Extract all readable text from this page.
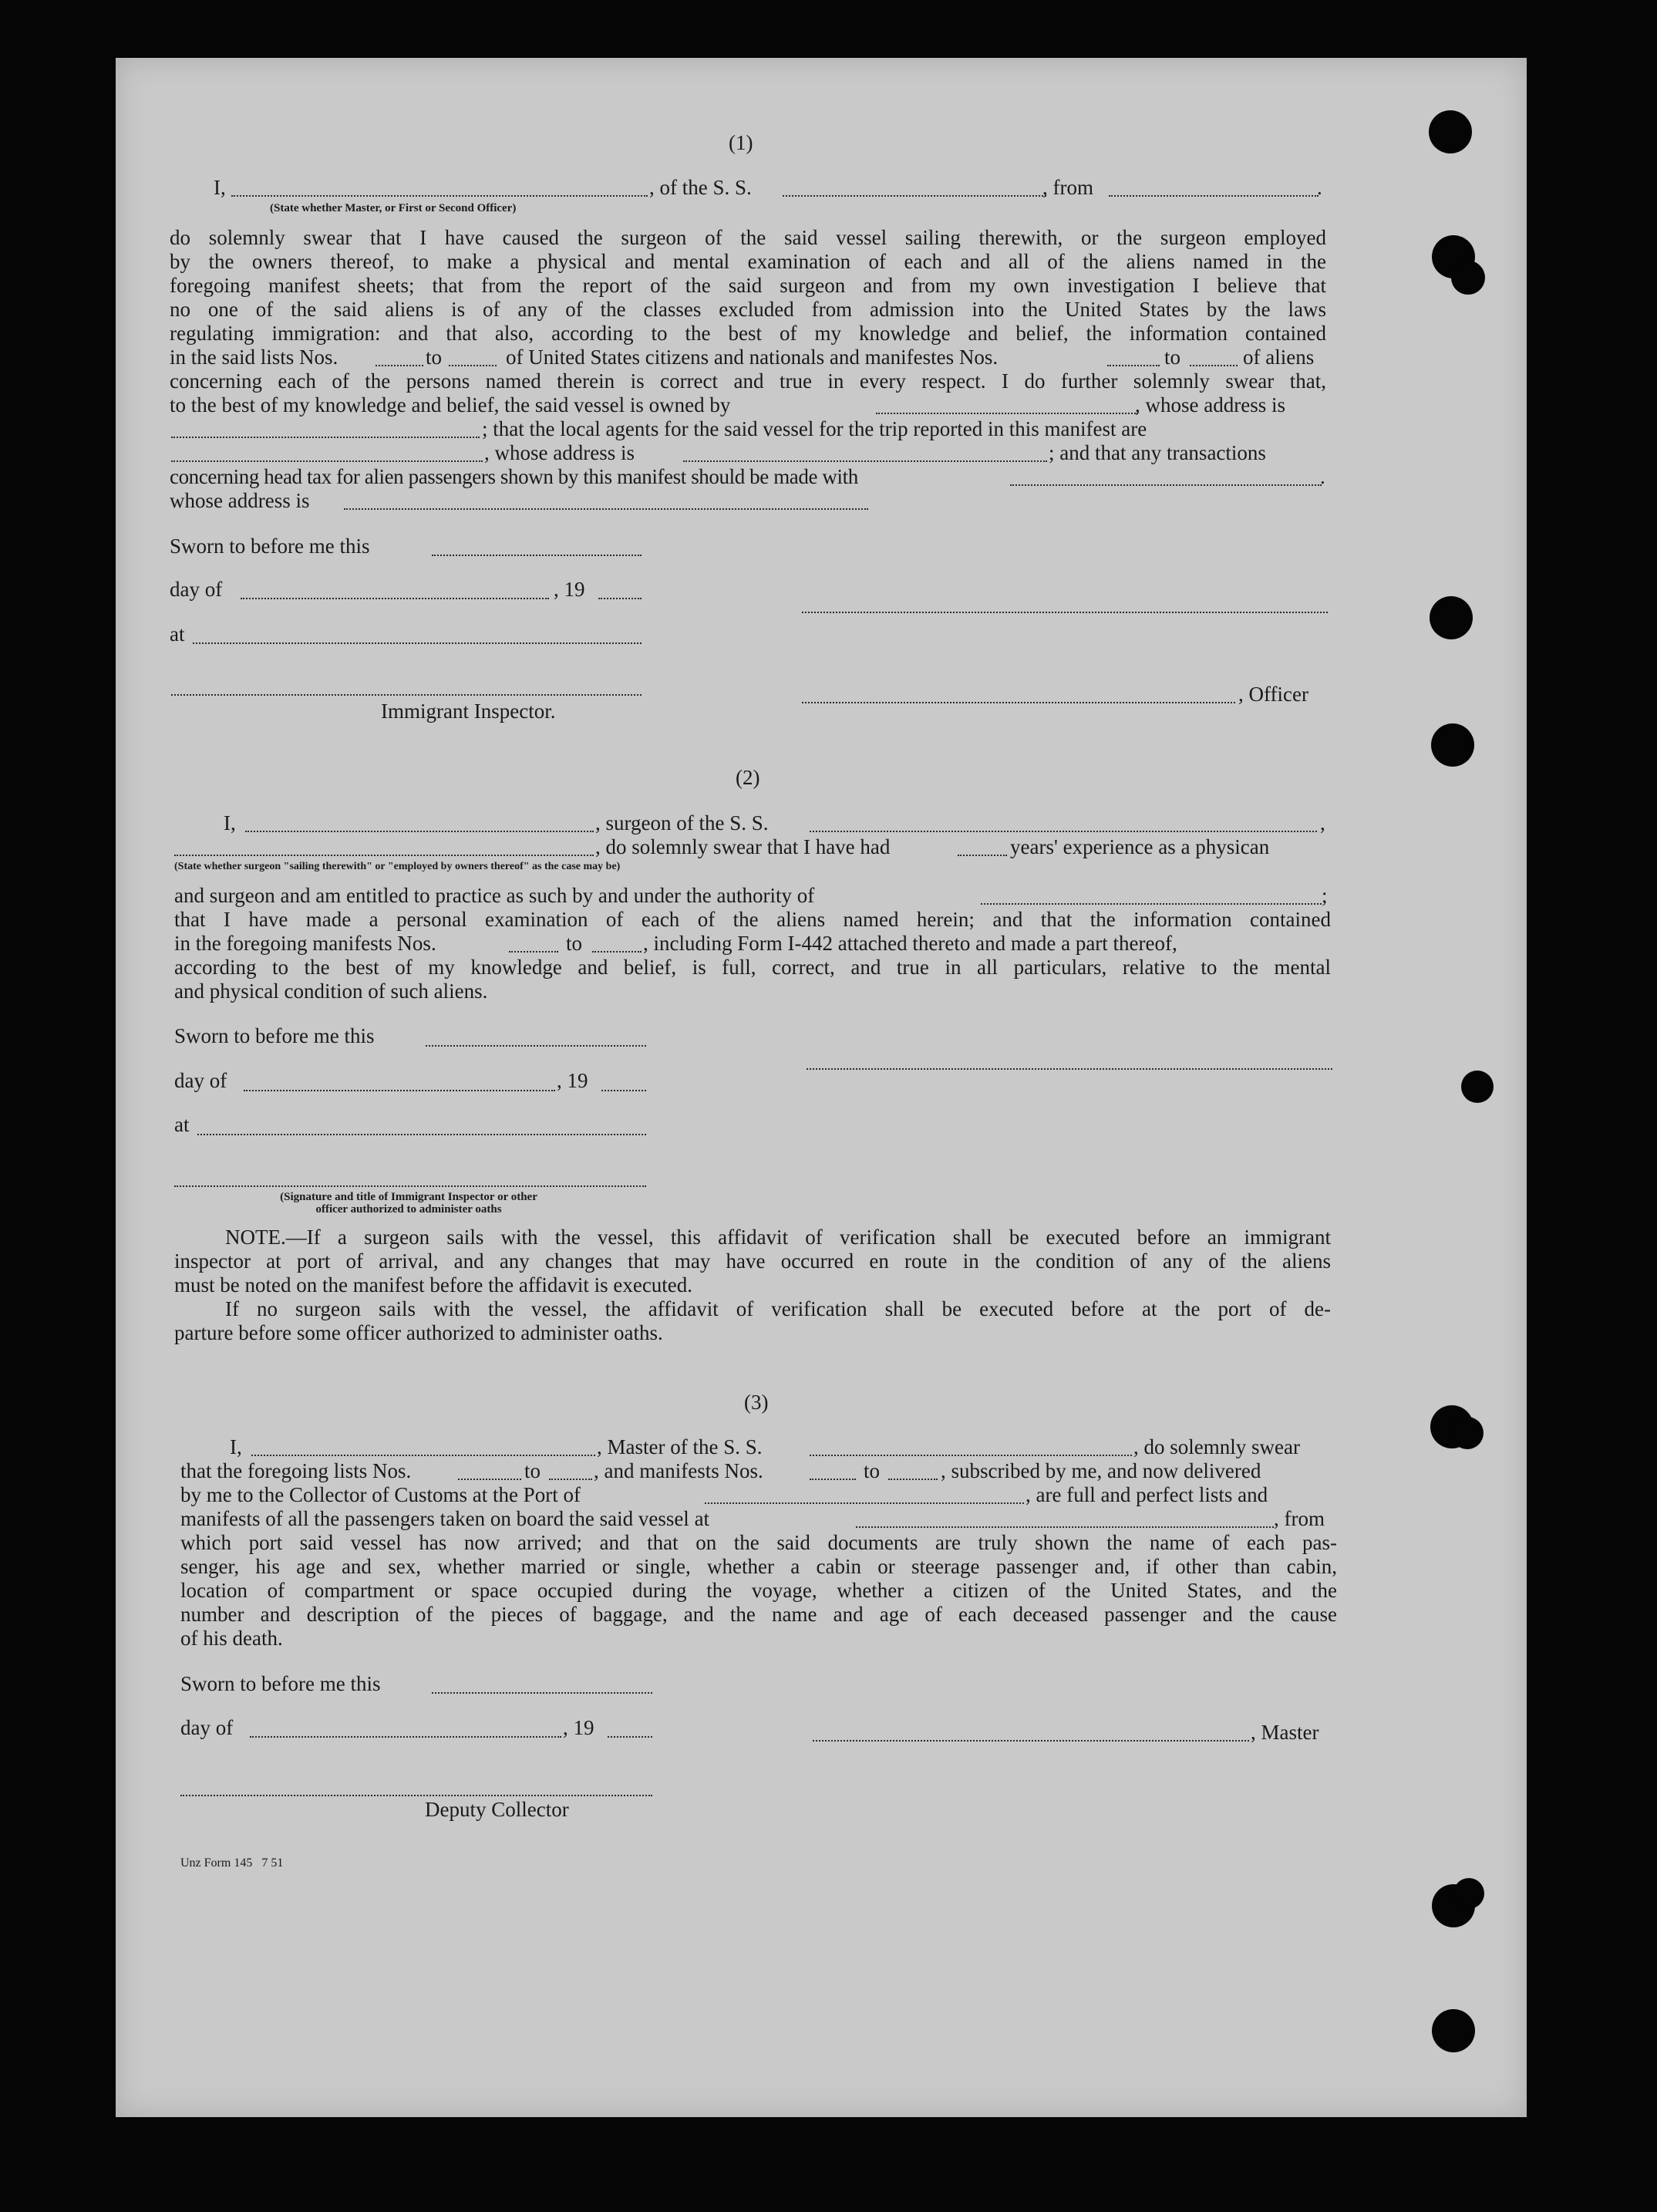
(1)
I,	, of the S. S.	, from	.
(State whether Master, or First or Second Officer)
do solemnly swear that I have caused the surgeon of the said vessel sailing therewith, or the surgeon employed
by the owners thereof, to make a physical and mental examination of each and all of the aliens named in the
foregoing manifest sheets; that from the report of the said surgeon and from my own investigation I believe that
no one of the said aliens is of any of the classes excluded from admission into the United States by the laws
regulating immigration: and that also, according to the best of my knowledge and belief, the information contained
in the said lists Nos.	to	of United States citizens and nationals and manifestes Nos.	to	of aliens
concerning each of the persons named therein is correct and true in every respect. I do further solemnly swear that,
to the best of my knowledge and belief, the said vessel is owned by	, whose address is
; that the local agents for the said vessel for the trip reported in this manifest are
, whose address is	; and that any transactions
concerning head tax for alien passengers shown by this manifest should be made with	.
whose address is
Sworn to before me this
day of	, 19
at
, Officer
Immigrant Inspector.
(2)
I,	, surgeon of the S. S.	,
, do solemnly swear that I have had	years' experience as a physican
(State whether surgeon "sailing therewith" or "employed by owners thereof" as the case may be)
and surgeon and am entitled to practice as such by and under the authority of	;
that I have made a personal examination of each of the aliens named herein; and that the information contained
in the foregoing manifests Nos.	to	, including Form I-442 attached thereto and made a part thereof,
according to the best of my knowledge and belief, is full, correct, and true in all particulars, relative to the mental
and physical condition of such aliens.
Sworn to before me this
day of	, 19
at
(Signature and title of Immigrant Inspector or other
officer authorized to administer oaths
NOTE.—If a surgeon sails with the vessel, this affidavit of verification shall be executed before an immigrant
inspector at port of arrival, and any changes that may have occurred en route in the condition of any of the aliens
must be noted on the manifest before the affidavit is executed.
If no surgeon sails with the vessel, the affidavit of verification shall be executed before at the port of de-
parture before some officer authorized to administer oaths.
(3)
I,	, Master of the S. S.	, do solemnly swear
that the foregoing lists Nos.	to	, and manifests Nos.	to	, subscribed by me, and now delivered
by me to the Collector of Customs at the Port of	, are full and perfect lists and
manifests of all the passengers taken on board the said vessel at	, from
which port said vessel has now arrived; and that on the said documents are truly shown the name of each pas-
senger, his age and sex, whether married or single, whether a cabin or steerage passenger and, if other than cabin,
location of compartment or space occupied during the voyage, whether a citizen of the United States, and the
number and description of the pieces of baggage, and the name and age of each deceased passenger and the cause
of his death.
Sworn to before me this
day of	, 19	, Master
Deputy Collector
Unz Form 145   7 51
